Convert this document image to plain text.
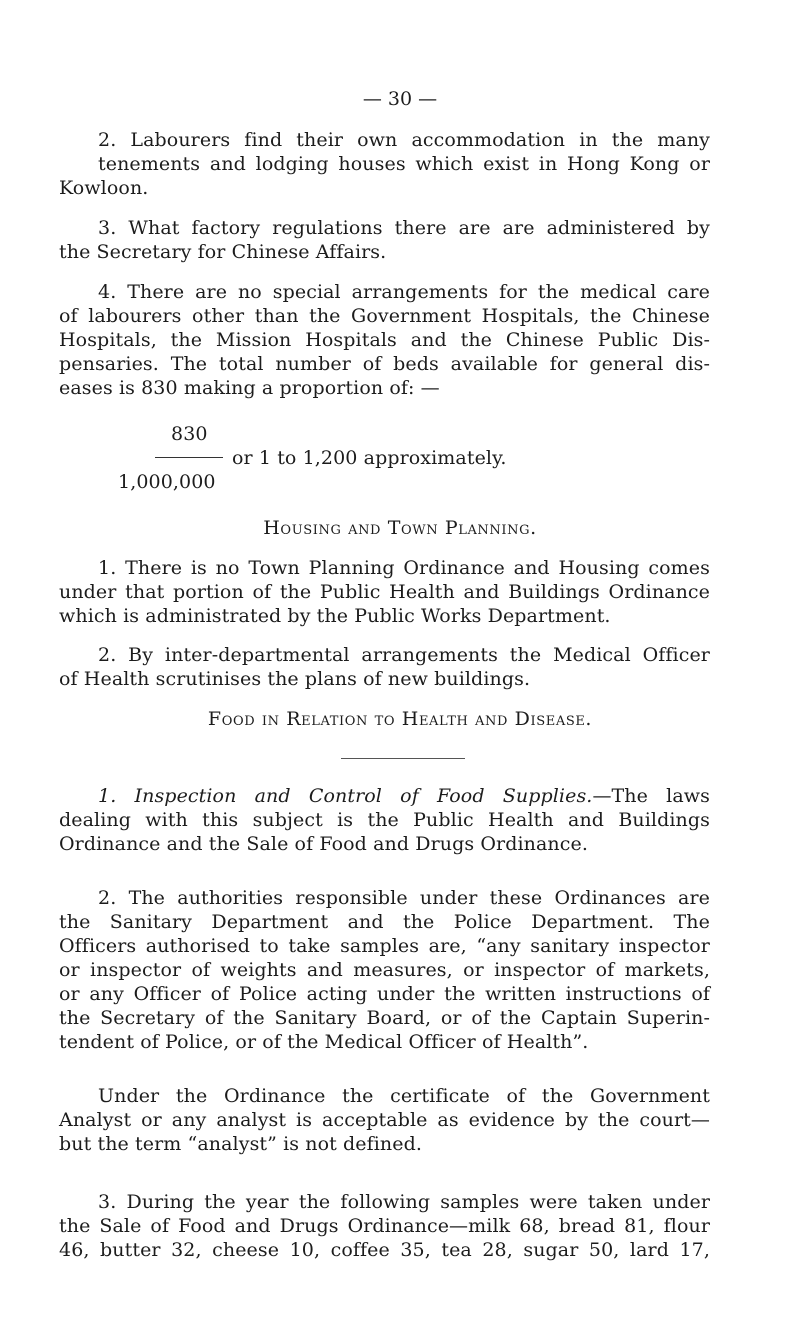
— 30 —
2. Labourers find their own accommodation in the many
tenements and lodging houses which exist in Hong Kong or
Kowloon.
3. What factory regulations there are are administered by
the Secretary for Chinese Affairs.
4. There are no special arrangements for the medical care
of labourers other than the Government Hospitals, the Chinese
Hospitals, the Mission Hospitals and the Chinese Public Dis-
pensaries. The total number of beds available for general dis-
eases is 830 making a proportion of: —
830
or 1 to 1,200 approximately.
1,000,000
Housing and Town Planning.
1. There is no Town Planning Ordinance and Housing comes
under that portion of the Public Health and Buildings Ordinance
which is administrated by the Public Works Department.
2. By inter-departmental arrangements the Medical Officer
of Health scrutinises the plans of new buildings.
Food in Relation to Health and Disease.
1. Inspection and Control of Food Supplies.—The laws
dealing with this subject is the Public Health and Buildings
Ordinance and the Sale of Food and Drugs Ordinance.
2. The authorities responsible under these Ordinances are
the Sanitary Department and the Police Department. The
Officers authorised to take samples are, “any sanitary inspector
or inspector of weights and measures, or inspector of markets,
or any Officer of Police acting under the written instructions of
the Secretary of the Sanitary Board, or of the Captain Superin-
tendent of Police, or of the Medical Officer of Health”.
Under the Ordinance the certificate of the Government
Analyst or any analyst is acceptable as evidence by the court—
but the term “analyst” is not defined.
3. During the year the following samples were taken under
the Sale of Food and Drugs Ordinance—milk 68, bread 81, flour
46, butter 32, cheese 10, coffee 35, tea 28, sugar 50, lard 17,
